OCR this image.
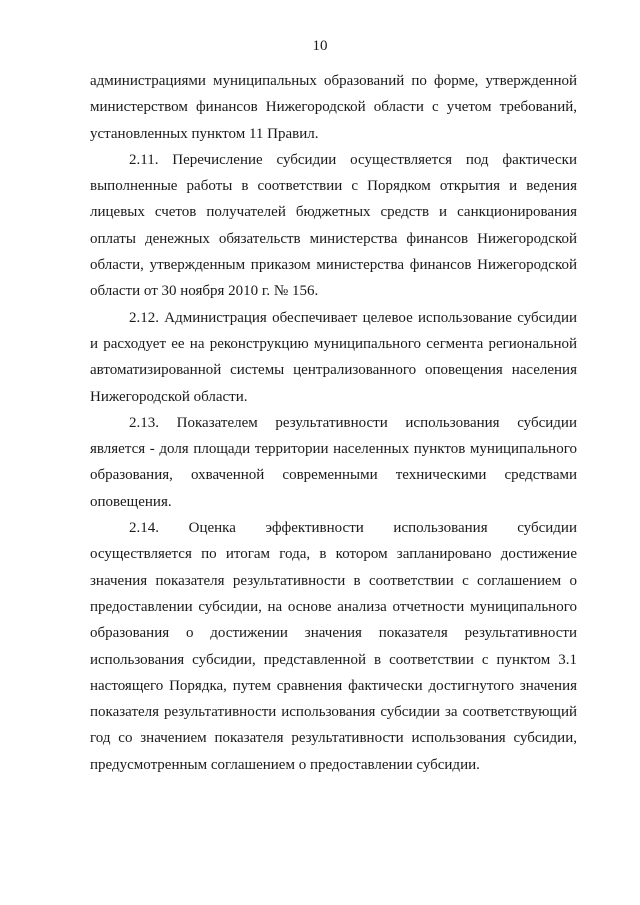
10
администрациями муниципальных образований по форме, утвержденной
министерством финансов Нижегородской области с учетом требований,
установленных пунктом 11 Правил.
2.11. Перечисление субсидии осуществляется под фактически
выполненные работы в соответствии с Порядком открытия и ведения
лицевых счетов получателей бюджетных средств и санкционирования
оплаты денежных обязательств министерства финансов Нижегородской
области, утвержденным приказом министерства финансов Нижегородской
области от 30 ноября 2010 г. № 156.
2.12. Администрация обеспечивает целевое использование субсидии
и расходует ее на реконструкцию муниципального сегмента региональной
автоматизированной системы централизованного оповещения населения
Нижегородской области.
2.13. Показателем результативности использования субсидии
является - доля площади территории населенных пунктов муниципального
образования, охваченной современными техническими средствами
оповещения.
2.14. Оценка эффективности использования субсидии
осуществляется по итогам года, в котором запланировано достижение
значения показателя результативности в соответствии с соглашением о
предоставлении субсидии, на основе анализа отчетности муниципального
образования о достижении значения показателя результативности
использования субсидии, представленной в соответствии с пунктом 3.1
настоящего Порядка, путем сравнения фактически достигнутого значения
показателя результативности использования субсидии за соответствующий
год со значением показателя результативности использования субсидии,
предусмотренным соглашением о предоставлении субсидии.
